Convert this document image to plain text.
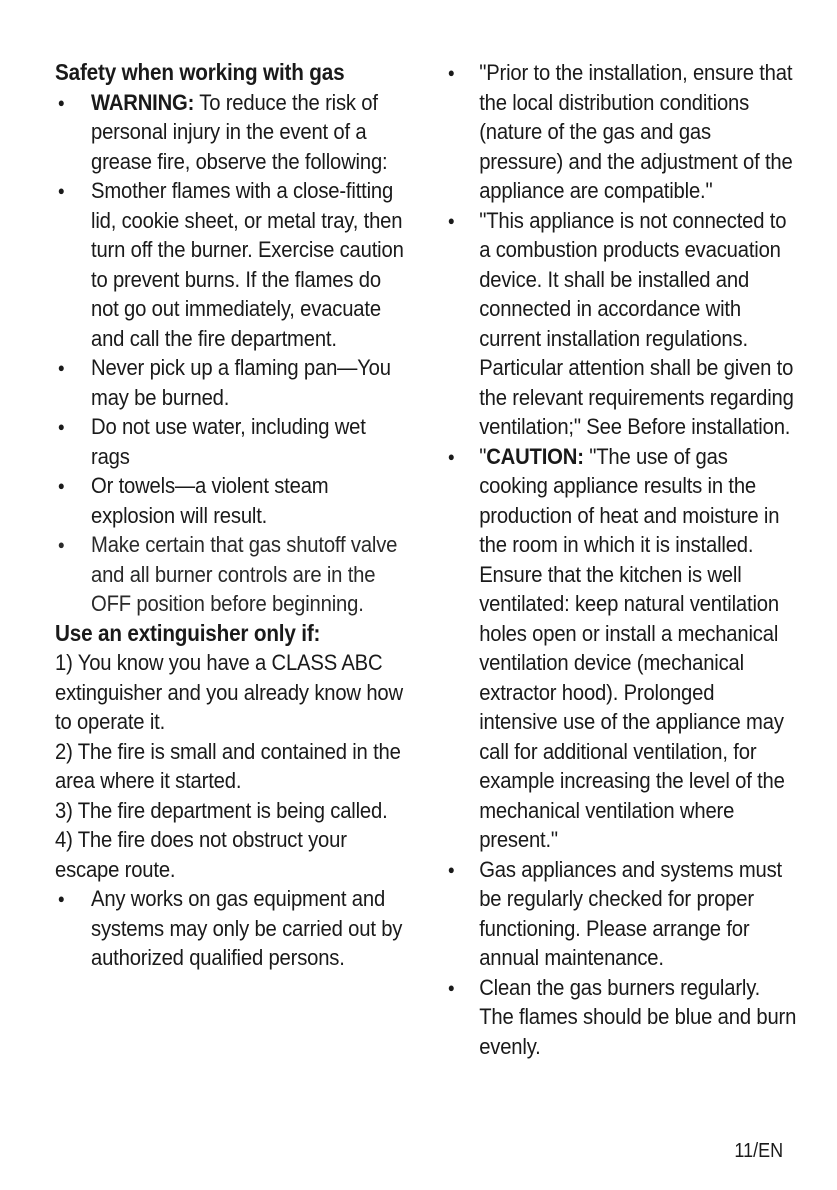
Safety when working with gas
● WARNING: To reduce the risk of personal injury in the event of a grease fire, observe the following:
● Smother flames with a close-fitting lid, cookie sheet, or metal tray, then turn off the burner. Exercise caution to prevent burns. If the flames do not go out immediately, evacuate and call the fire department.
● Never pick up a flaming pan—You may be burned.
● Do not use water, including wet rags
● Or towels—a violent steam explosion will result.
● Make certain that gas shutoff valve and all burner controls are in the OFF position before beginning.
Use an extinguisher only if:

1) You know you have a CLASS ABC extinguisher and you already know how to operate it.

2) The fire is small and contained in the area where it started.

3) The fire department is being called.

4) The fire does not obstruct your escape route.

● Any works on gas equipment and systems may only be carried out by authorized qualified persons.
● "Prior to the installation, ensure that the local distribution conditions (nature of the gas and gas pressure) and the adjustment of the appliance are compatible."
● "This appliance is not connected to a combustion products evacuation device. It shall be installed and connected in accordance with current installation regulations. Particular attention shall be given to the relevant requirements regarding ventilation;" See Before installation.
● "CAUTION: "The use of gas cooking appliance results in the production of heat and moisture in the room in which it is installed. Ensure that the kitchen is well ventilated: keep natural ventilation holes open or install a mechanical ventilation device (mechanical extractor hood). Prolonged intensive use of the appliance may call for additional ventilation, for example increasing the level of the mechanical ventilation where present."
● Gas appliances and systems must be regularly checked for proper functioning. Please arrange for annual maintenance.
● Clean the gas burners regularly. The flames should be blue and burn evenly.
11/EN
